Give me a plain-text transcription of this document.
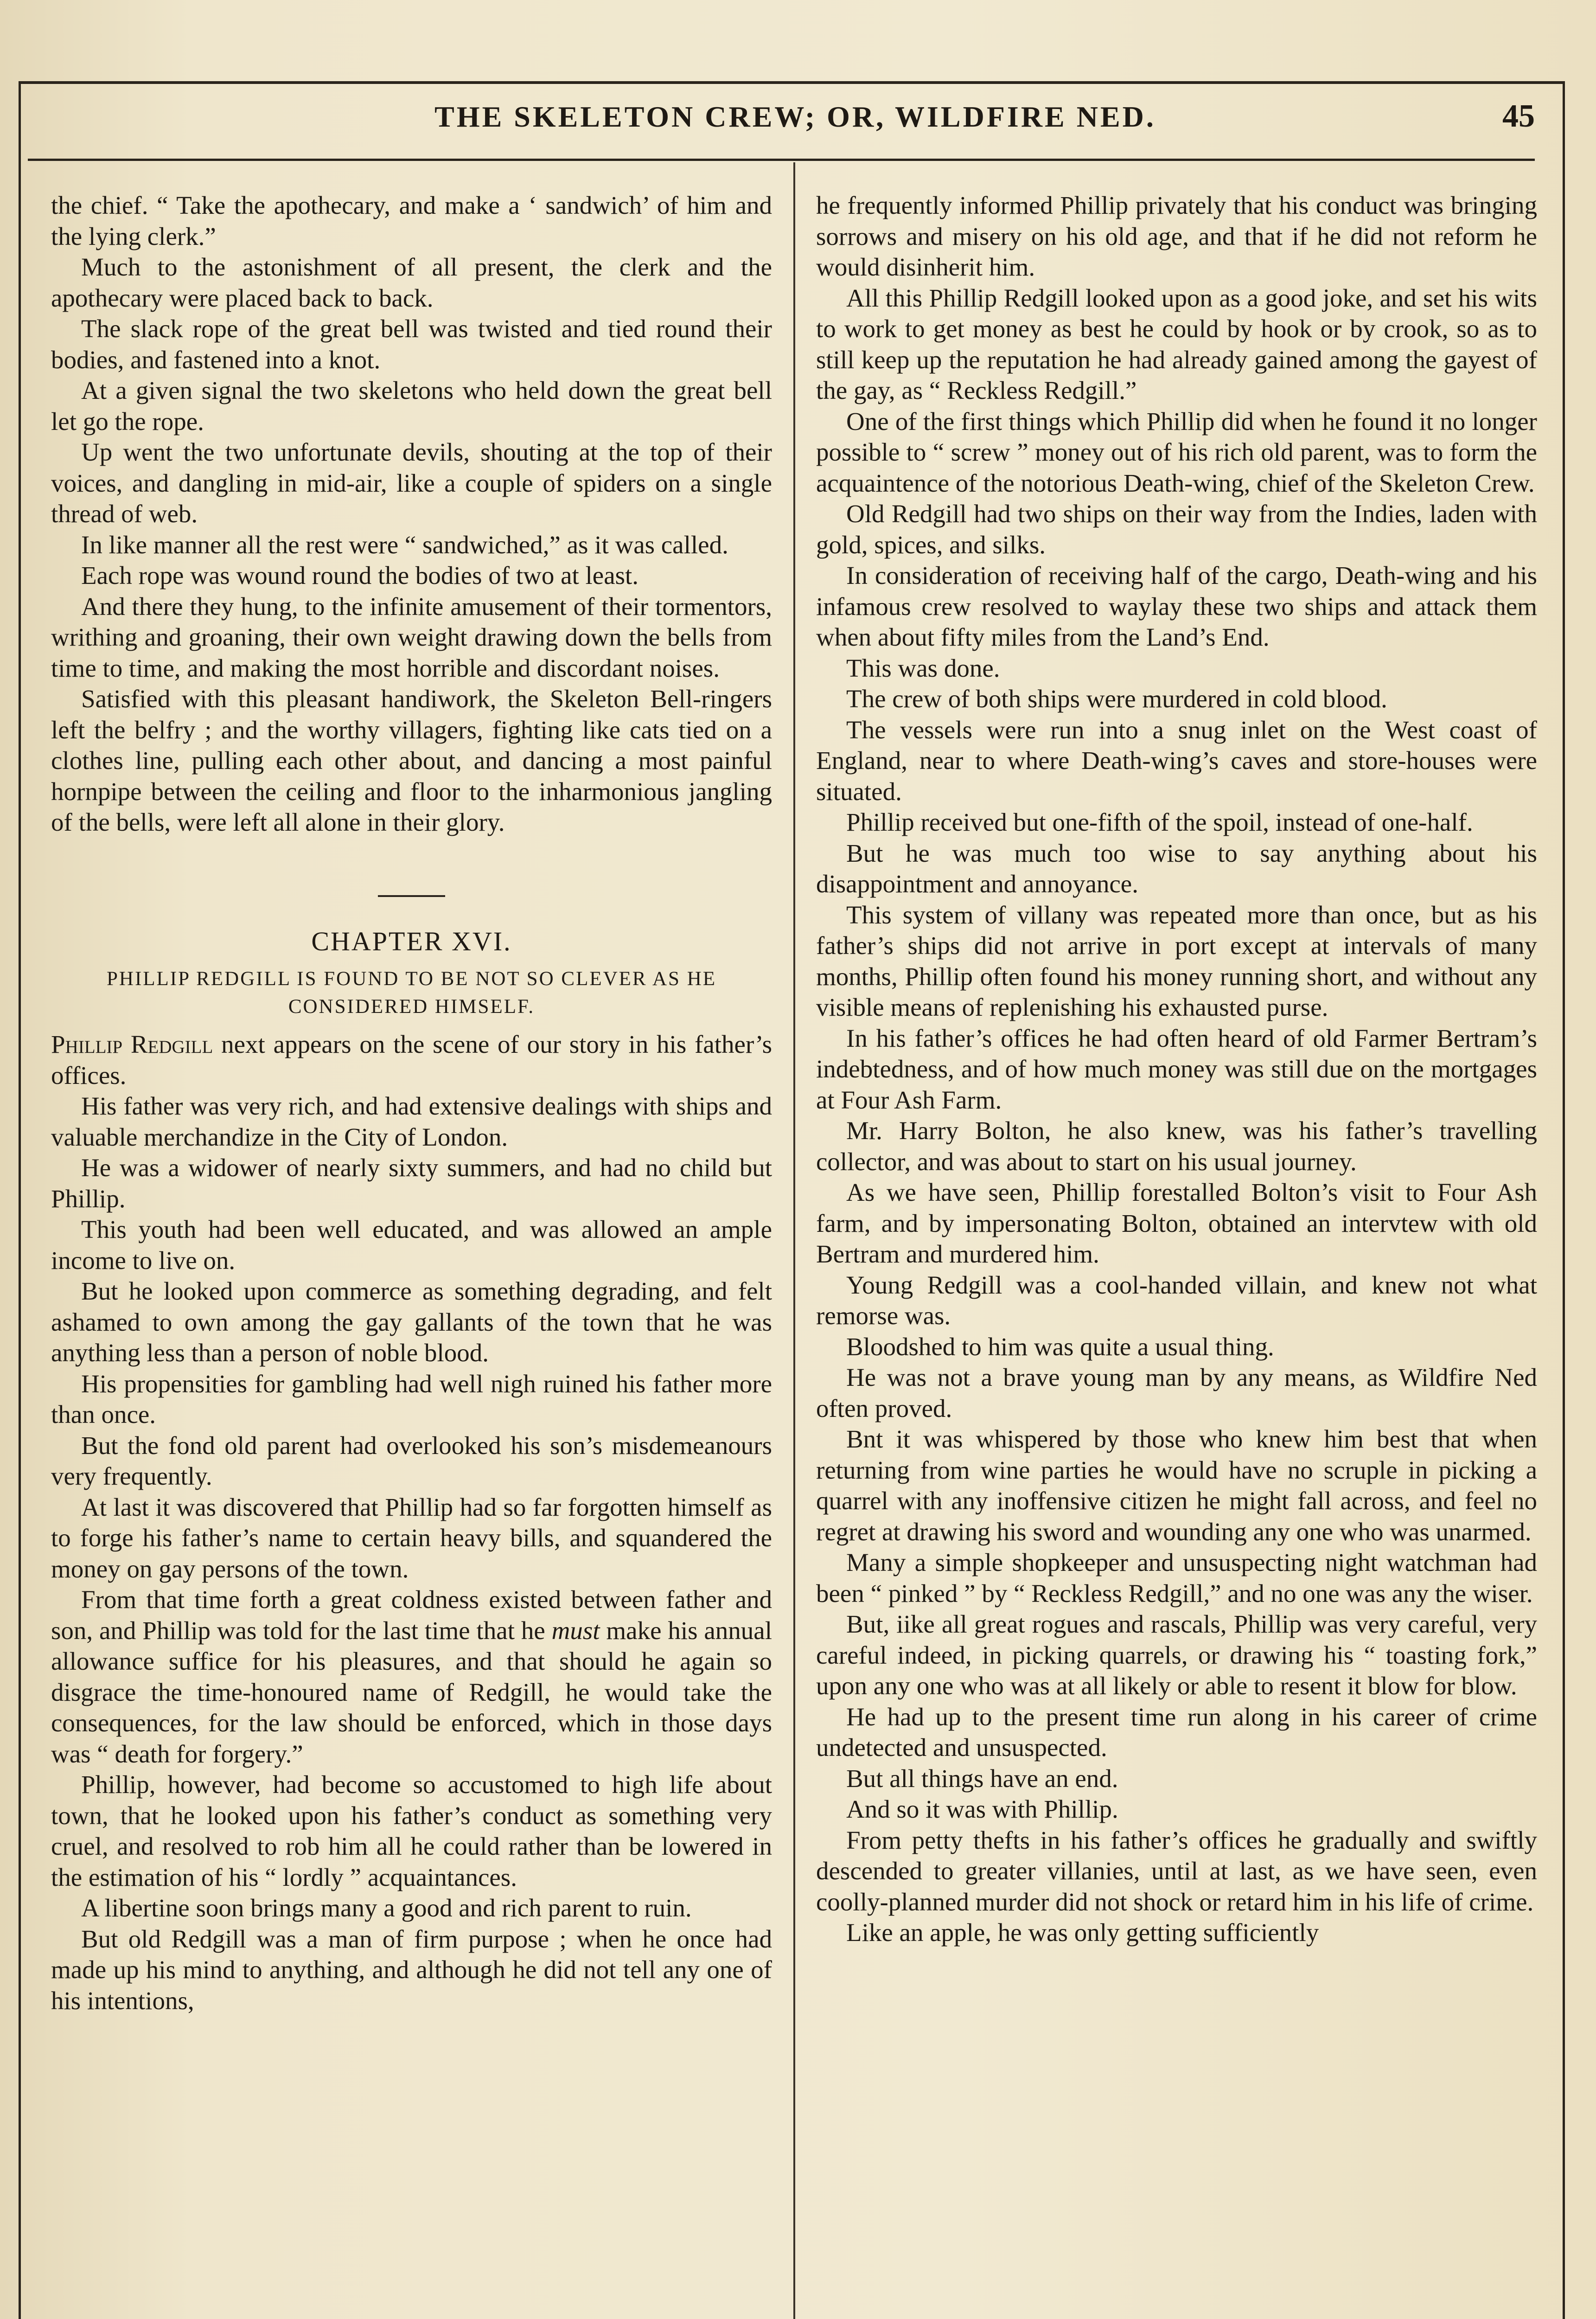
THE SKELETON CREW; OR, WILDFIRE NED.	45

the chief. “ Take the apothecary, and make a ‘ sandwich’ of him and the lying clerk.”

Much to the astonishment of all present, the clerk and the apothecary were placed back to back.

The slack rope of the great bell was twisted and tied round their bodies, and fastened into a knot.

At a given signal the two skeletons who held down the great bell let go the rope.

Up went the two unfortunate devils, shouting at the top of their voices, and dangling in mid-air, like a couple of spiders on a single thread of web.

In like manner all the rest were “ sandwiched,” as it was called.

Each rope was wound round the bodies of two at least.

And there they hung, to the infinite amusement of their tormentors, writhing and groaning, their own weight drawing down the bells from time to time, and making the most horrible and discordant noises.

Satisfied with this pleasant handiwork, the Skeleton Bell-ringers left the belfry ; and the worthy villagers, fighting like cats tied on a clothes line, pulling each other about, and dancing a most painful hornpipe between the ceiling and floor to the inharmonious jangling of the bells, were left all alone in their glory.

CHAPTER XVI.
PHILLIP REDGILL IS FOUND TO BE NOT SO CLEVER AS HE CONSIDERED HIMSELF.

Phillip Redgill next appears on the scene of our story in his father’s offices.

His father was very rich, and had extensive dealings with ships and valuable merchandize in the City of London.

He was a widower of nearly sixty summers, and had no child but Phillip.

This youth had been well educated, and was allowed an ample income to live on.

But he looked upon commerce as something degrading, and felt ashamed to own among the gay gallants of the town that he was anything less than a person of noble blood.

His propensities for gambling had well nigh ruined his father more than once.

But the fond old parent had overlooked his son’s misdemeanours very frequently.

At last it was discovered that Phillip had so far forgotten himself as to forge his father’s name to certain heavy bills, and squandered the money on gay persons of the town.

From that time forth a great coldness existed between father and son, and Phillip was told for the last time that he must make his annual allowance suffice for his pleasures, and that should he again so disgrace the time-honoured name of Redgill, he would take the consequences, for the law should be enforced, which in those days was “ death for forgery.”

Phillip, however, had become so accustomed to high life about town, that he looked upon his father’s conduct as something very cruel, and resolved to rob him all he could rather than be lowered in the estimation of his “ lordly ” acquaintances.

A libertine soon brings many a good and rich parent to ruin.

But old Redgill was a man of firm purpose ; when he once had made up his mind to anything, and although he did not tell any one of his intentions,

he frequently informed Phillip privately that his conduct was bringing sorrows and misery on his old age, and that if he did not reform he would disinherit him.

All this Phillip Redgill looked upon as a good joke, and set his wits to work to get money as best he could by hook or by crook, so as to still keep up the reputation he had already gained among the gayest of the gay, as “ Reckless Redgill.”

One of the first things which Phillip did when he found it no longer possible to “ screw ” money out of his rich old parent, was to form the acquaintence of the notorious Death-wing, chief of the Skeleton Crew.

Old Redgill had two ships on their way from the Indies, laden with gold, spices, and silks.

In consideration of receiving half of the cargo, Death-wing and his infamous crew resolved to waylay these two ships and attack them when about fifty miles from the Land’s End.

This was done.

The crew of both ships were murdered in cold blood.

The vessels were run into a snug inlet on the West coast of England, near to where Death-wing’s caves and store-houses were situated.

Phillip received but one-fifth of the spoil, instead of one-half.

But he was much too wise to say anything about his disappointment and annoyance.

This system of villany was repeated more than once, but as his father’s ships did not arrive in port except at intervals of many months, Phillip often found his money running short, and without any visible means of replenishing his exhausted purse.

In his father’s offices he had often heard of old Farmer Bertram’s indebtedness, and of how much money was still due on the mortgages at Four Ash Farm.

Mr. Harry Bolton, he also knew, was his father’s travelling collector, and was about to start on his usual journey.

As we have seen, Phillip forestalled Bolton’s visit to Four Ash farm, and by impersonating Bolton, obtained an intervtew with old Bertram and murdered him.

Young Redgill was a cool-handed villain, and knew not what remorse was.

Bloodshed to him was quite a usual thing.

He was not a brave young man by any means, as Wildfire Ned often proved.

Bnt it was whispered by those who knew him best that when returning from wine parties he would have no scruple in picking a quarrel with any inoffensive citizen he might fall across, and feel no regret at drawing his sword and wounding any one who was unarmed.

Many a simple shopkeeper and unsuspecting night watchman had been “ pinked ” by “ Reckless Redgill,” and no one was any the wiser.

But, iike all great rogues and rascals, Phillip was very careful, very careful indeed, in picking quarrels, or drawing his “ toasting fork,” upon any one who was at all likely or able to resent it blow for blow.

He had up to the present time run along in his career of crime undetected and unsuspected.

But all things have an end.

And so it was with Phillip.

From petty thefts in his father’s offices he gradually and swiftly descended to greater villanies, until at last, as we have seen, even coolly-planned murder did not shock or retard him in his life of crime.

Like an apple, he was only getting sufficiently
